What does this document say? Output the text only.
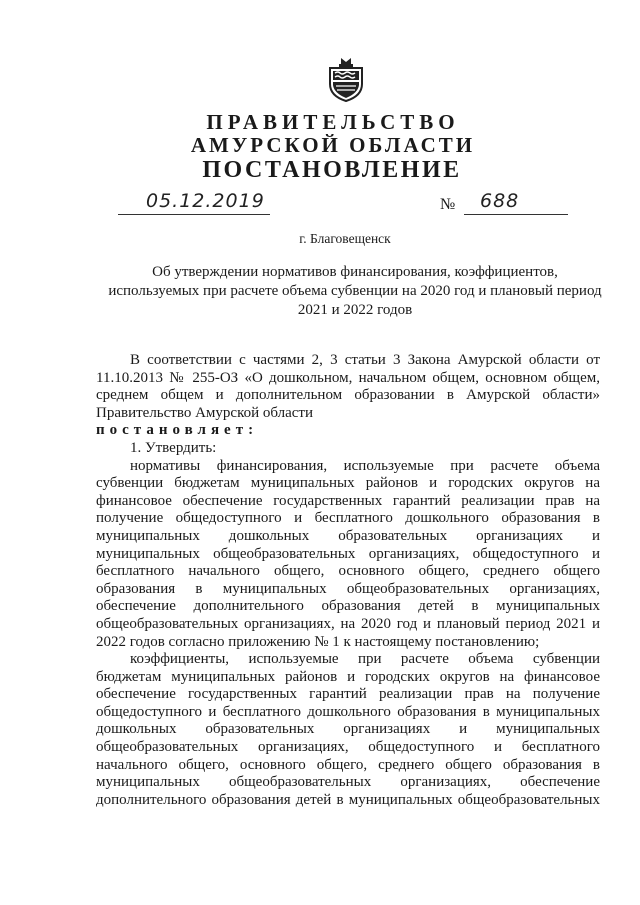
ПРАВИТЕЛЬСТВО
АМУРСКОЙ ОБЛАСТИ
ПОСТАНОВЛЕНИЕ
05.12.2019	№ 688
г. Благовещенск
Об утверждении нормативов финансирования, коэффициентов,
используемых при расчете объема субвенции на 2020 год и плановый период
2021 и 2022 годов
В соответствии с частями 2, 3 статьи 3 Закона Амурской области от
11.10.2013 № 255-ОЗ «О дошкольном, начальном общем, основном общем,
среднем общем и дополнительном образовании в Амурской области»
Правительство Амурской области
постановляет:
1. Утвердить:
нормативы финансирования, используемые при расчете объема
субвенции бюджетам муниципальных районов и городских округов на
финансовое обеспечение государственных гарантий реализации прав на
получение общедоступного и бесплатного дошкольного образования в
муниципальных дошкольных образовательных организациях и
муниципальных общеобразовательных организациях, общедоступного и
бесплатного начального общего, основного общего, среднего общего
образования в муниципальных общеобразовательных организациях,
обеспечение дополнительного образования детей в муниципальных
общеобразовательных организациях, на 2020 год и плановый период 2021 и
2022 годов согласно приложению № 1 к настоящему постановлению;
коэффициенты, используемые при расчете объема субвенции
бюджетам муниципальных районов и городских округов на финансовое
обеспечение государственных гарантий реализации прав на получение
общедоступного и бесплатного дошкольного образования в муниципальных
дошкольных образовательных организациях и муниципальных
общеобразовательных организациях, общедоступного и бесплатного
начального общего, основного общего, среднего общего образования в
муниципальных общеобразовательных организациях, обеспечение
дополнительного образования детей в муниципальных общеобразовательных
